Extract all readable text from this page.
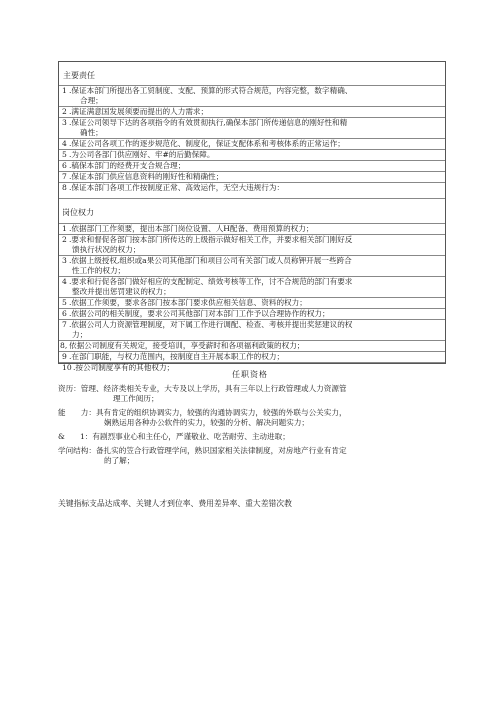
主要责任
1 .保证本部门所提出各工贸制度、支配、预算的形式符合规范，内容完整，数字精确、
合理；
2 .满证满意国发展须要而提出的人力需求；
3 .保证公司领导下达的各项指令的有效贯彻执行,确保本部门所传递信息的刚好性和精
确性；
4 .保证公司各项工作的逐步规范化、制度化，保证支配体系和考核体系的正常运作；
5 .为公司各部门供应刚好、牢#的后勤保障。
6 .稿保本部门的经费开支合规合理；
7 .保证本部门供应信息资料的刚好性和精确性；
8 .保证本部门各项工作按制度正常、高效运作，无空大违规行为：
岗位权力
1 .依据部门工作须要，提出本部门岗位设置、人H配备、费用预算的权力；
2 .要求和督促各部门按本部门所传达的上级指示做好相关工作，并要求相关部门刚好反
馈执行状况的权力；
3 .依据上级授权,组织或a果公司其他部门和项目公司有关部门或人员称钾开展一些跨合
性工作的权力；
4 .要求和行促各部门做好相应的支配制定、绩效考核等工作，讨不合规范的部门有要求
整改并提出惩罚建议的权力；
5 .依据工作须要，要求各部门按本部门要求供应相关信息、资料的权力；
6 .依据公司的相关制度，要求公司其他部门对本部门工作予以合理协作的权力；
7 .依据公司人力资源管理制度，对下属工作进行调配、检查、考核并提出奖惩建议的权
力；
8, 依据公司制度有关规定，接受培训，享受薪时和各项福利政策的权力；
9 .在部门职能，与权力范围内，按制度自主开展本职工作的权力；
10 .按公司制度享有的其他权力；
任职资格
资历：管理、经济类相关专业，大专及以上学历，具有三年以上行政管理或人力资源管
理工作阅历；
能　　力：具有肯定的组织协调实力，较强的沟通协调实力，较强的外联与公关实力，
娴熟运用各种办公软件的实力，较强的分析、解决问题实力；
&　　1：有剧烈事业心和主任心，严谨敬业、吃苦耐劳、主动进取；
学问结构：备扎实的笠合行政管理学问，熟识国家相关法律制度，对房地产行业有肯定
的了解；
关键指标支品达成率、关键人才到位率、费用差异率、重大差错次教
